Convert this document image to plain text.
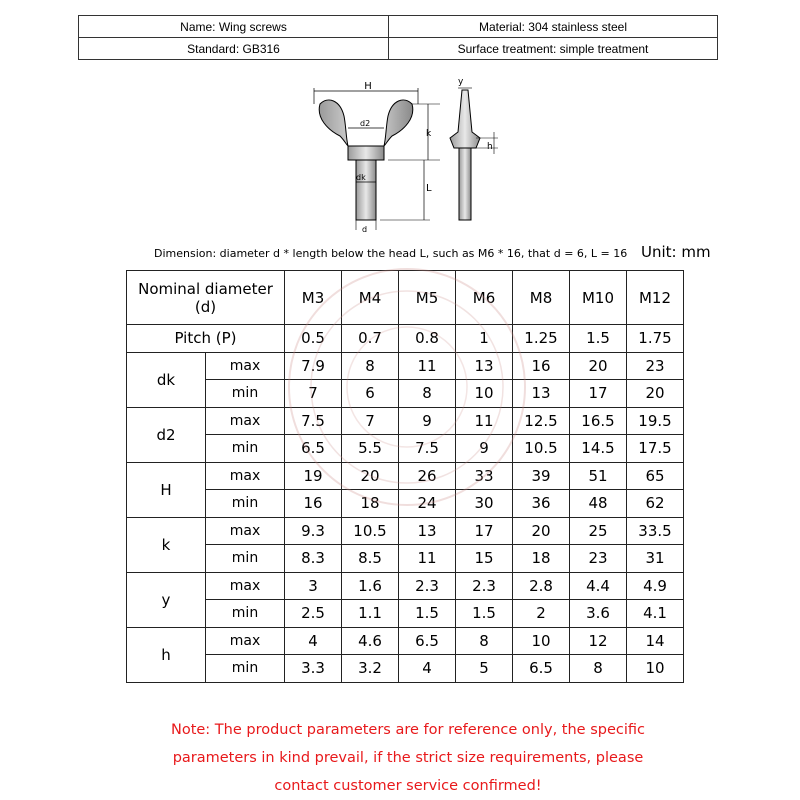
Name: Wing screws	Material: 304 stainless steel
Standard: GB316	Surface treatment: simple treatment
H
d2
dk
k
L
d
y
h
Dimension: diameter d * length below the head L, such as M6 * 16, that d = 6, L = 16 Unit: mm
Nominal diameter
(d)		M3	M4	M5	M6	M8	M10	M12
Pitch (P)		0.5	0.7	0.8	1	1.25	1.5	1.75
dk	max	7.9	8	11	13	16	20	23
	min	7	6	8	10	13	17	20
d2	max	7.5	7	9	11	12.5	16.5	19.5
	min	6.5	5.5	7.5	9	10.5	14.5	17.5
H	max	19	20	26	33	39	51	65
	min	16	18	24	30	36	48	62
k	max	9.3	10.5	13	17	20	25	33.5
	min	8.3	8.5	11	15	18	23	31
y	max	3	1.6	2.3	2.3	2.8	4.4	4.9
	min	2.5	1.1	1.5	1.5	2	3.6	4.1
h	max	4	4.6	6.5	8	10	12	14
	min	3.3	3.2	4	5	6.5	8	10
Note: The product parameters are for reference only, the specific
parameters in kind prevail, if the strict size requirements, please
contact customer service confirmed!
